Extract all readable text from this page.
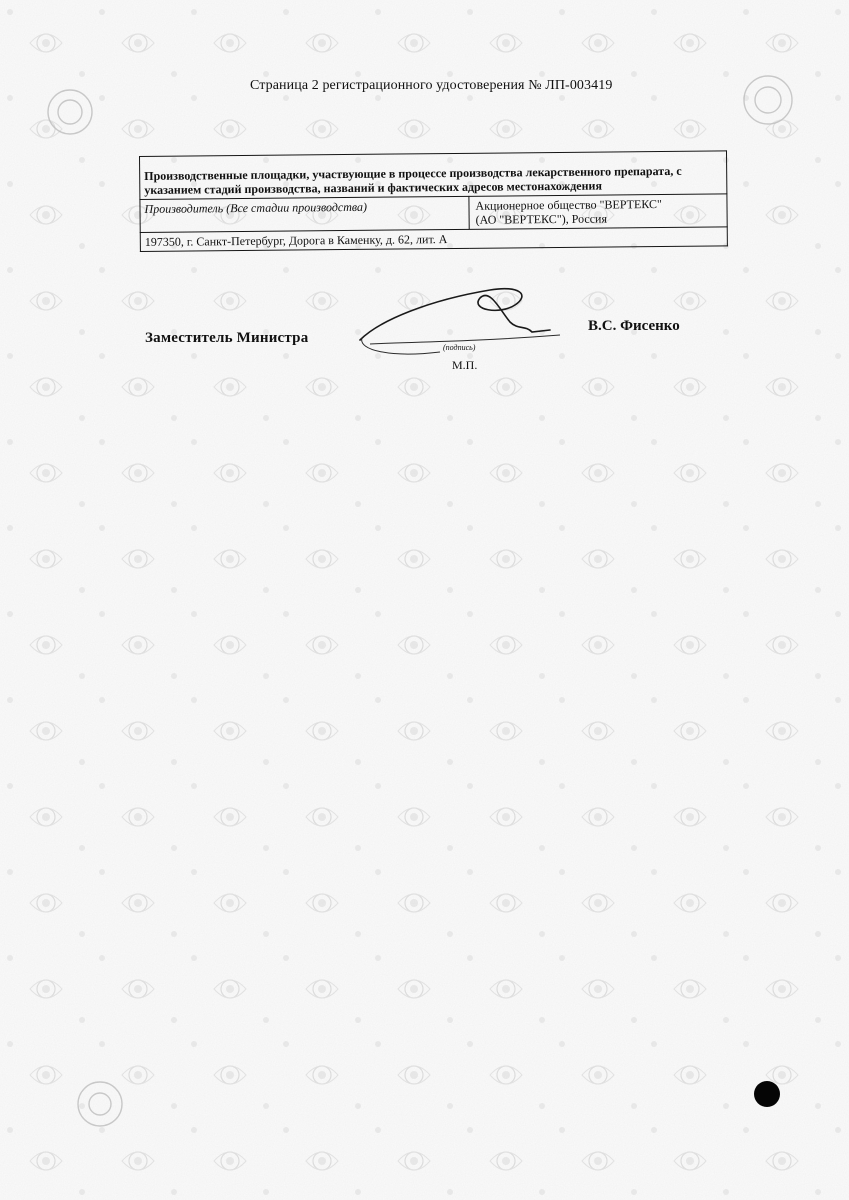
Страница 2 регистрационного удостоверения № ЛП-003419
Производственные площадки, участвующие в процессе производства лекарственного препарата, с указанием стадий производства, названий и фактических адресов местонахождения
Производитель (Все стадии производства)	Акционерное общество "ВЕРТЕКС"
(АО "ВЕРТЕКС"), Россия

197350, г. Санкт-Петербург, Дорога в Каменку, д. 62, лит. А
Заместитель Министра
(подпись)
М.П.
В.С. Фисенко
